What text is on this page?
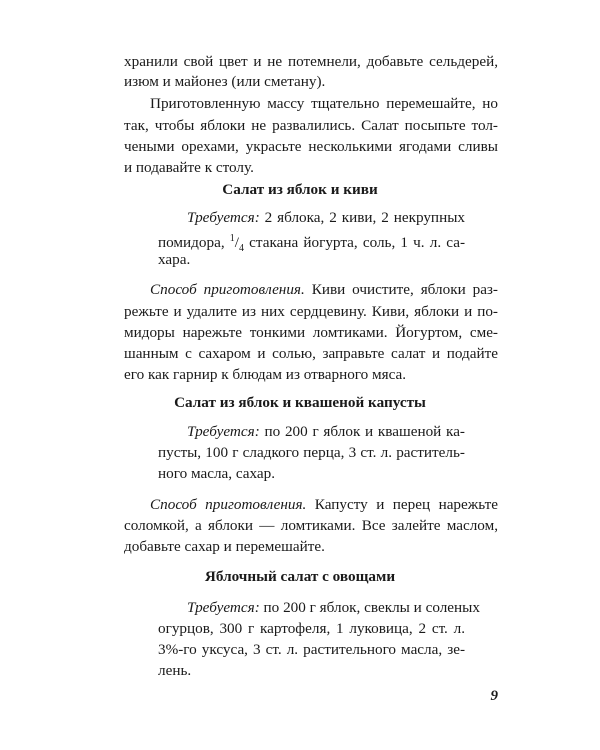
хранили свой цвет и не потемнели, добавьте сельдерей,
изюм и майонез (или сметану).
Приготовленную массу тщательно перемешайте, но
так, чтобы яблоки не развалились. Салат посыпьте тол-
чеными орехами, украсьте несколькими ягодами сливы
и подавайте к столу.
Салат из яблок и киви
Требуется: 2 яблока, 2 киви, 2 некрупных
помидора, $^1/_4$ стакана йогурта, соль, 1 ч. л. са-
хара.
Способ приготовления. Киви очистите, яблоки раз-
режьте и удалите из них сердцевину. Киви, яблоки и по-
мидоры нарежьте тонкими ломтиками. Йогуртом, сме-
шанным с сахаром и солью, заправьте салат и подайте
его как гарнир к блюдам из отварного мяса.
Салат из яблок и квашеной капусты
Требуется: по 200 г яблок и квашеной ка-
пусты, 100 г сладкого перца, 3 ст. л. раститель-
ного масла, сахар.
Способ приготовления. Капусту и перец нарежьте
соломкой, а яблоки — ломтиками. Все залейте маслом,
добавьте сахар и перемешайте.
Яблочный салат с овощами
Требуется: по 200 г яблок, свеклы и соленых
огурцов, 300 г картофеля, 1 луковица, 2 ст. л.
3%-го уксуса, 3 ст. л. растительного масла, зе-
лень.
9
